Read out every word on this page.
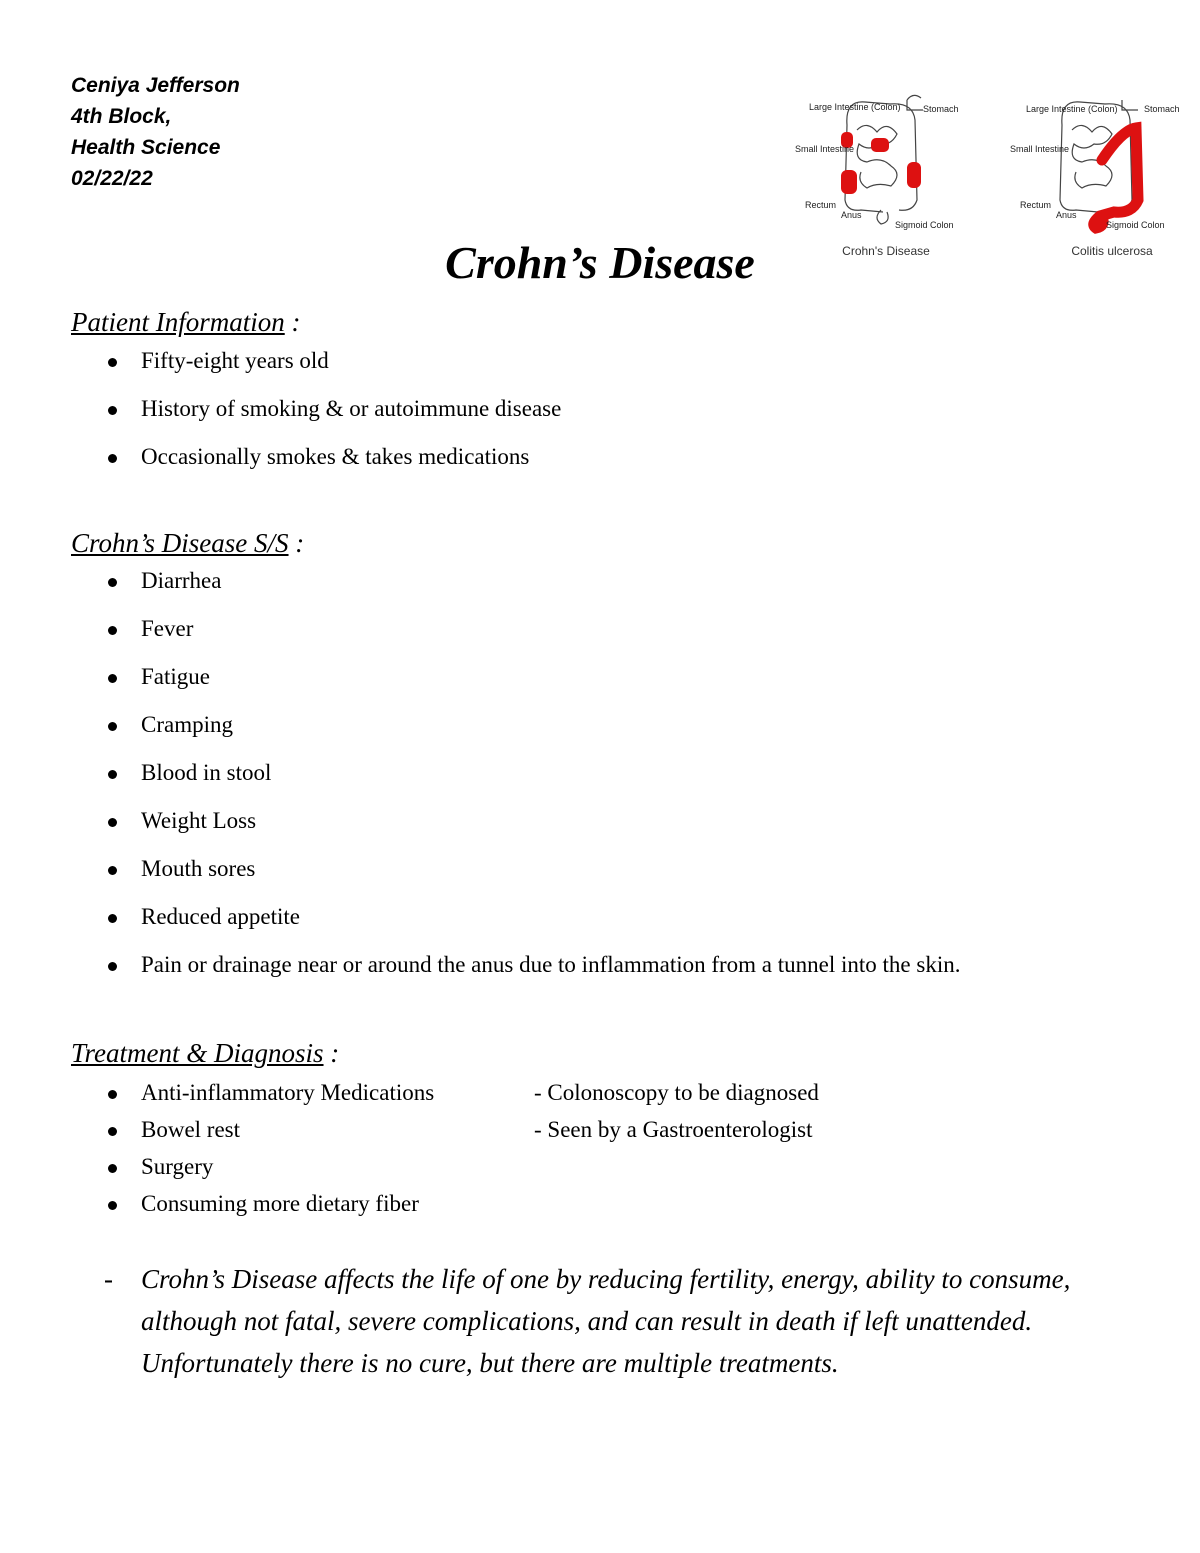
Ceniya Jefferson
4th Block,
Health Science
02/22/22
Large Intestine (Colon) Stomach
Small Intestine
Rectum
Anus
Sigmoid Colon
Crohn's Disease
Large Intestine (Colon)	Stomach
Small Intestine
Rectum
Anus
Sigmoid Colon
Colitis ulcerosa
Crohn’s Disease
Patient Information :
Fifty-eight years old
History of smoking & or autoimmune disease
Occasionally smokes & takes medications
Crohn’s Disease S/S :
Diarrhea
Fever
Fatigue
Cramping
Blood in stool
Weight Loss
Mouth sores
Reduced appetite
Pain or drainage near or around the anus due to inflammation from a tunnel into the skin.
Treatment & Diagnosis :
Anti-inflammatory Medications
Bowel rest
Surgery
Consuming more dietary fiber
- Colonoscopy to be diagnosed
- Seen by a Gastroenterologist
- Crohn’s Disease affects the life of one by reducing fertility, energy, ability to consume, although not fatal, severe complications, and can result in death if left unattended. Unfortunately there is no cure, but there are multiple treatments.
